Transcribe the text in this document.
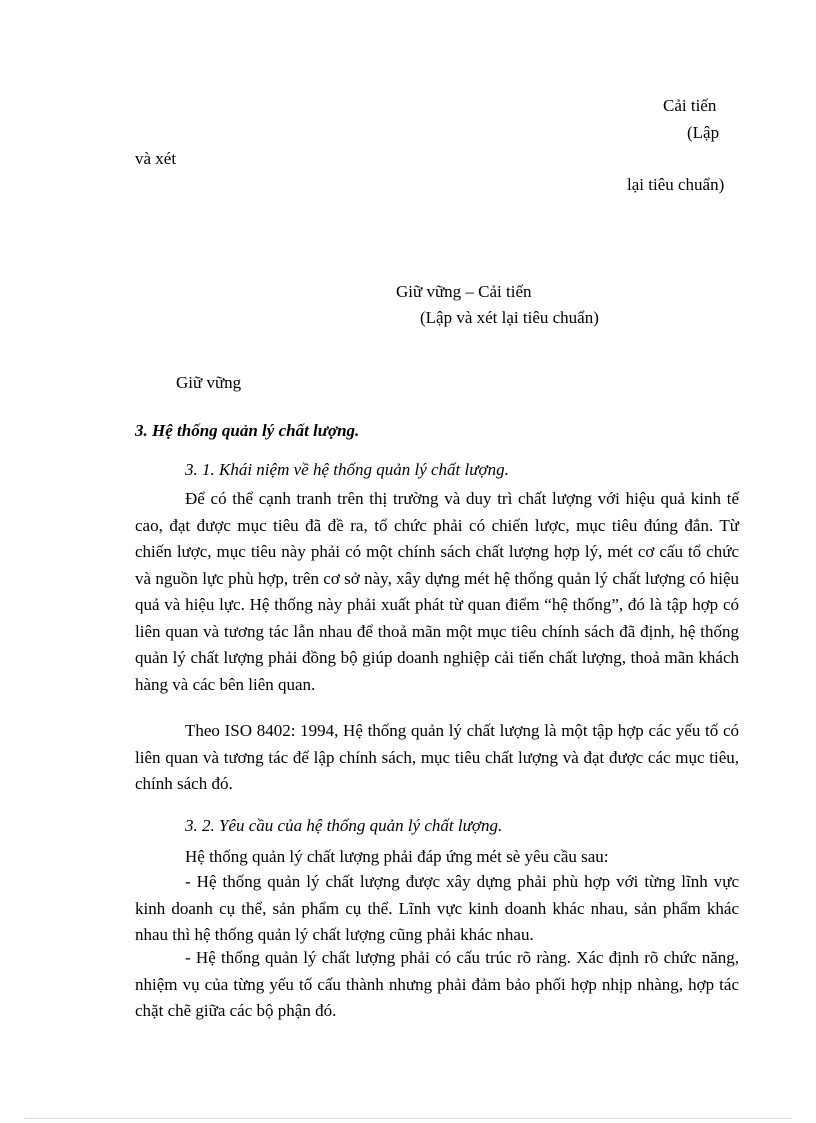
Cải tiến
(Lập
và xét
lại tiêu chuẩn)
Giữ vững – Cải tiến
(Lập và xét lại tiêu chuẩn)
Giữ vững
3. Hệ thống quản lý chất lượng.
3. 1. Khái niệm về hệ thống quản lý chất lượng.
Để có thể cạnh tranh trên thị trường và duy trì chất lượng với hiệu quả kinh tế cao, đạt được mục tiêu đã đề ra, tổ chức phải có chiến lược, mục tiêu đúng đắn. Từ chiến lược, mục tiêu này phải có một chính sách chất lượng hợp lý, mét cơ cấu tổ chức và nguồn lực phù hợp, trên cơ sở này, xây dựng mét hệ thống quản lý chất lượng có hiệu quả và hiệu lực. Hệ thống này phải xuất phát từ quan điểm “hệ thống”, đó là tập hợp có liên quan và tương tác lẫn nhau để thoả mãn một mục tiêu chính sách đã định, hệ thống quản lý chất lượng phải đồng bộ giúp doanh nghiệp cải tiến chất lượng, thoả mãn khách hàng và các bên liên quan.
Theo ISO 8402: 1994, Hệ thống quản lý chất lượng là một tập hợp các yếu tố có liên quan và tương tác để lập chính sách, mục tiêu chất lượng và đạt được các mục tiêu, chính sách đó.
3. 2. Yêu cầu của hệ thống quản lý chất lượng.
Hệ thống quản lý chất lượng phải đáp ứng mét sè yêu cầu sau:
- Hệ thống quản lý chất lượng được xây dựng phải phù hợp với từng lĩnh vực kinh doanh cụ thể, sản phẩm cụ thể. Lĩnh vực kinh doanh khác nhau, sản phẩm khác nhau thì hệ thống quản lý chất lượng cũng phải khác nhau.
- Hệ thống quản lý chất lượng phải có cấu trúc rõ ràng. Xác định rõ chức năng, nhiệm vụ của từng yếu tố cấu thành nhưng phải đảm bảo phối hợp nhịp nhàng, hợp tác chặt chẽ giữa các bộ phận đó.
